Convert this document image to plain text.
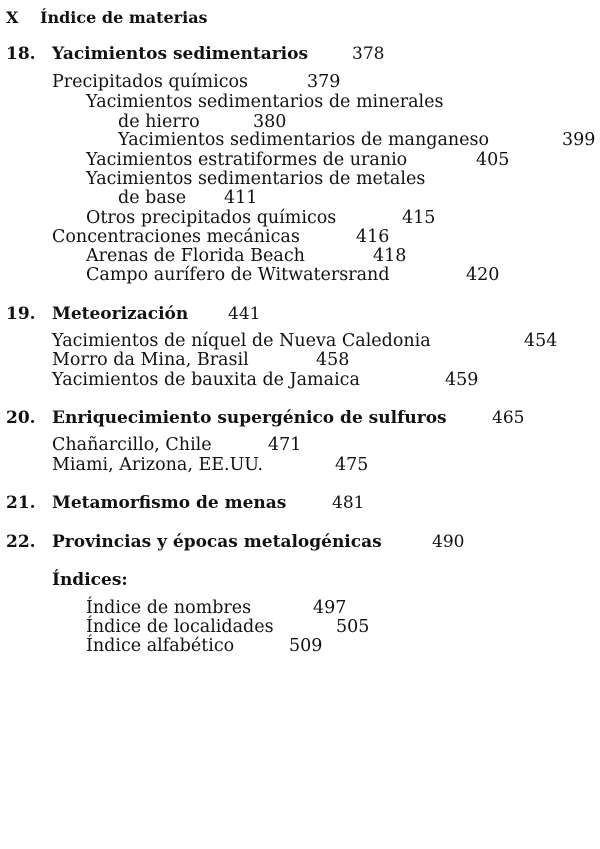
X Índice de materias
18. Yacimientos sedimentarios	378
Precipitados químicos	379
Yacimientos sedimentarios de minerales
de hierro	380
Yacimientos sedimentarios de manganeso	399
Yacimientos estratiformes de uranio	405
Yacimientos sedimentarios de metales
de base 411
Otros precipitados químicos	415
Concentraciones mecánicas	416
Arenas de Florida Beach	418
Campo aurífero de Witwatersrand	420
19. Meteorización 441
Yacimientos de níquel de Nueva Caledonia	454
Morro da Mina, Brasil	458
Yacimientos de bauxita de Jamaica	459
20. Enriquecimiento supergénico de sulfuros	465
Chañarcillo, Chile	471
Miami, Arizona, EE.UU.	475
21. Metamorfismo de menas	481
22. Provincias y épocas metalogénicas	490
Índices:
Índice de nombres	497
Índice de localidades	505
Índice alfabético	509
